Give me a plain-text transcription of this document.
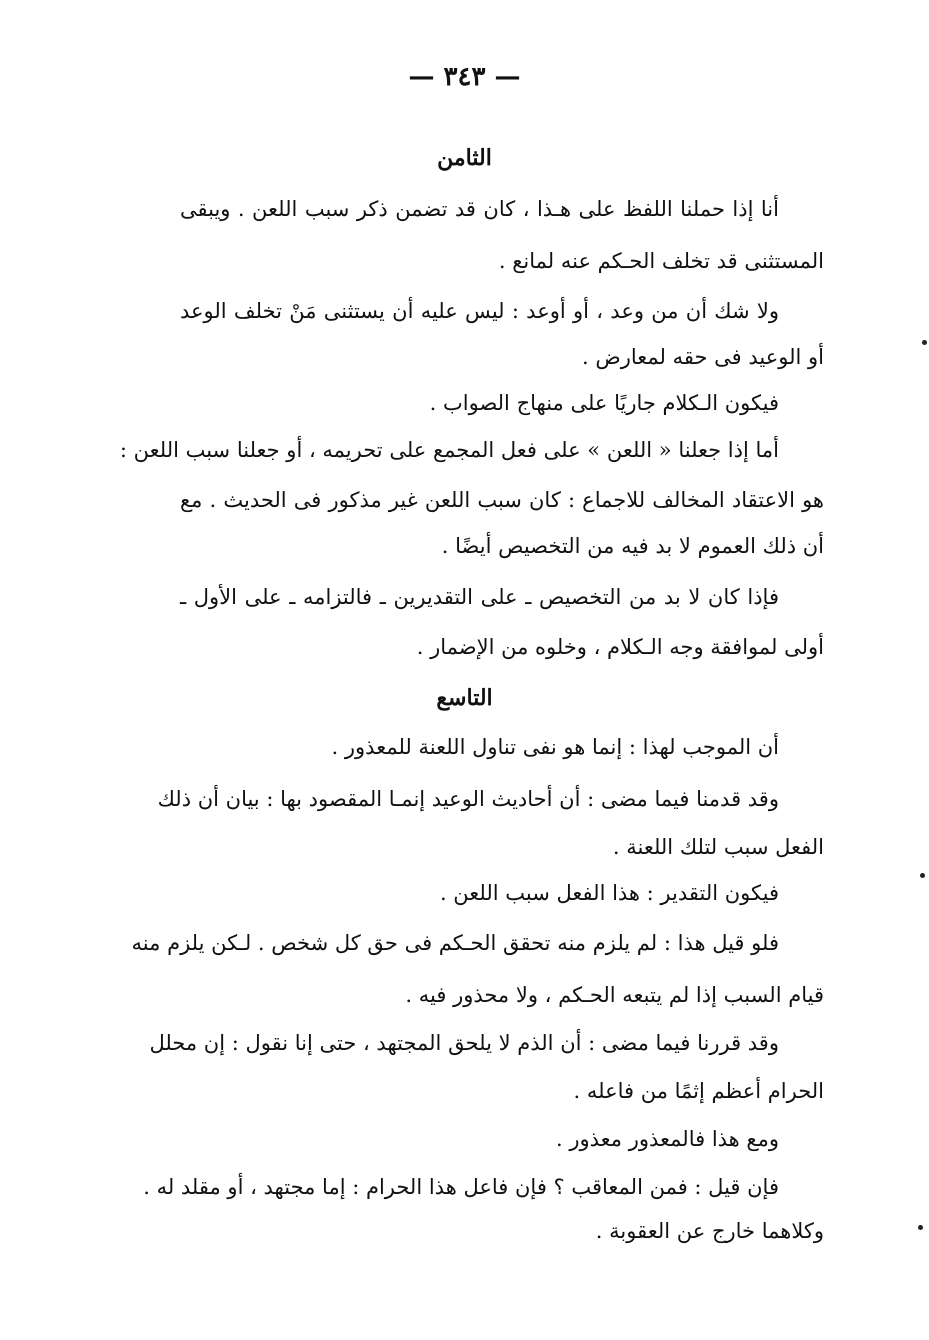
— ٣٤٣ —
الثامن
أنا إذا حملنا اللفظ على هـذا ، كان قد تضمن ذكر سبب اللعن . ويبقى
المستثنى قد تخلف الحـكم عنه لمانع .
ولا شك أن من وعد ، أو أوعد : ليس عليه أن يستثنى مَنْ تخلف الوعد
أو الوعيد فى حقه لمعارض .
فيكون الـكلام جاريًا على منهاج الصواب .
أما إذا جعلنا « اللعن » على فعل المجمع على تحريمه ، أو جعلنا سبب اللعن :
هو الاعتقاد المخالف للاجماع : كان سبب اللعن غير مذكور فى الحديث . مع
أن ذلك العموم لا بد فيه من التخصيص أيضًا .
فإذا كان لا بد من التخصيص ـ على التقديرين ـ فالتزامه ـ على الأول ـ
أولى لموافقة وجه الـكلام ، وخلوه من الإضمار .
التاسع
أن الموجب لهذا : إنما هو نفى تناول اللعنة للمعذور .
وقد قدمنا فيما مضى : أن أحاديث الوعيد إنمـا المقصود بها : بيان أن ذلك
الفعل سبب لتلك اللعنة .
فيكون التقدير : هذا الفعل سبب اللعن .
فلو قيل هذا : لم يلزم منه تحقق الحـكم فى حق كل شخص . لـكن يلزم منه
قيام السبب إذا لم يتبعه الحـكم ، ولا محذور فيه .
وقد قررنا فيما مضى : أن الذم لا يلحق المجتهد ، حتى إنا نقول : إن محلل
الحرام أعظم إثمًا من فاعله .
ومع هذا فالمعذور معذور .
فإن قيل : فمن المعاقب ؟ فإن فاعل هذا الحرام : إما مجتهد ، أو مقلد له .
وكلاهما خارج عن العقوبة .
